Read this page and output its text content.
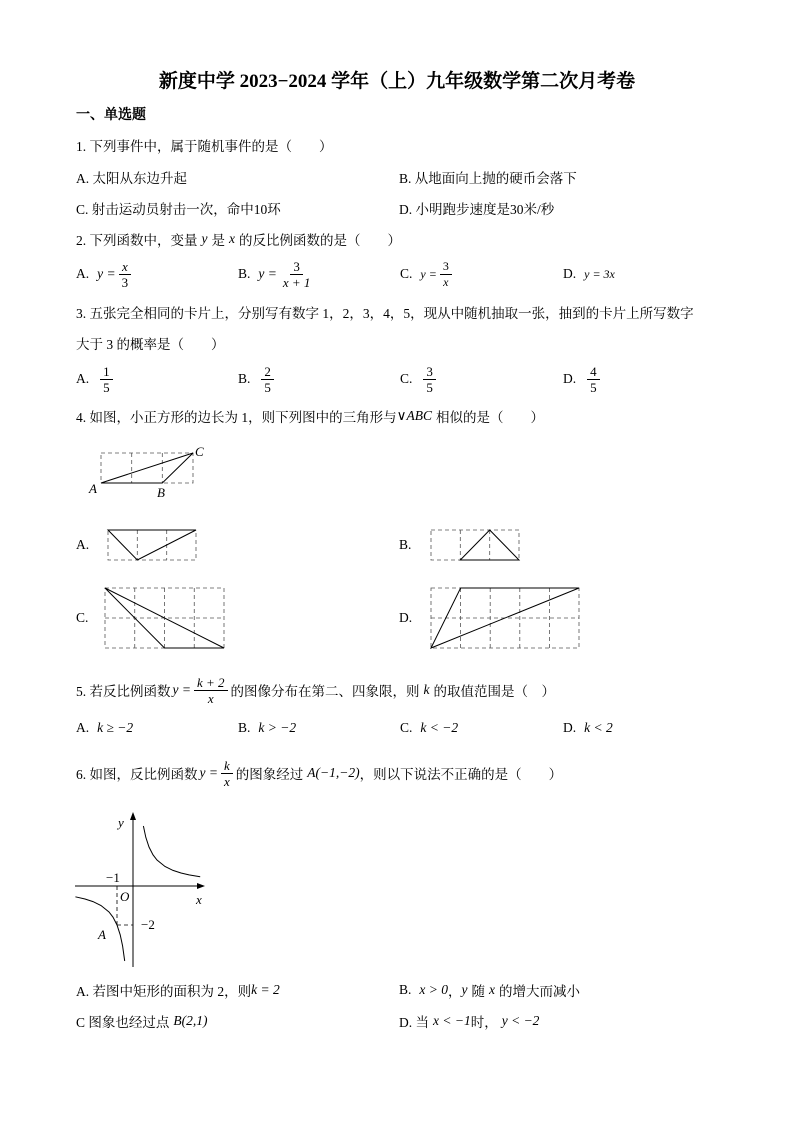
新度中学 2023−2024 学年（上）九年级数学第二次月考卷
一、单选题
1. 下列事件中，属于随机事件的是（　　）
A. 太阳从东边升起	B. 从地面向上抛的硬币会落下
C. 射击运动员射击一次，命中10环	D. 小明跑步速度是30米/秒
2. 下列函数中，变量 y 是 x 的反比例函数的是（　　）
A. $y = \frac{x}{3}$	B. $y = \frac{3}{x + 1}$	C. $y = \frac{3}{x}$	D. y = 3x
3. 五张完全相同的卡片上，分别写有数字 1，2，3，4，5，现从中随机抽取一张，抽到的卡片上所写数字
大于 3 的概率是（　　）
A. $\frac{1}{5}$	B. $\frac{2}{5}$	C. $\frac{3}{5}$	D. $\frac{4}{5}$
4. 如图，小正方形的边长为 1，则下列图中的三角形与 ∨ABC 相似的是（　　）
A	B
C
A.	B.
C.	D.
5. 若反比例函数 $y = \frac{k + 2}{x}$ 的图像分布在第二、四象限，则 k 的取值范围是（　）
A. k ≥ −2	B. k > −2	C. k < −2	D. k < 2
6. 如图，反比例函数 $y = \frac{k}{x}$ 的图象经过 A(−1,−2) ，则以下说法不正确的是（　　）
y
x
O
−1
−2
A
A. 若图中矩形的面积为 2，则 k = 2	B. x > 0 ， y 随 x 的增大而减小
C 图象也经过点 B(2,1)	D. 当 x < −1 时， y < −2
